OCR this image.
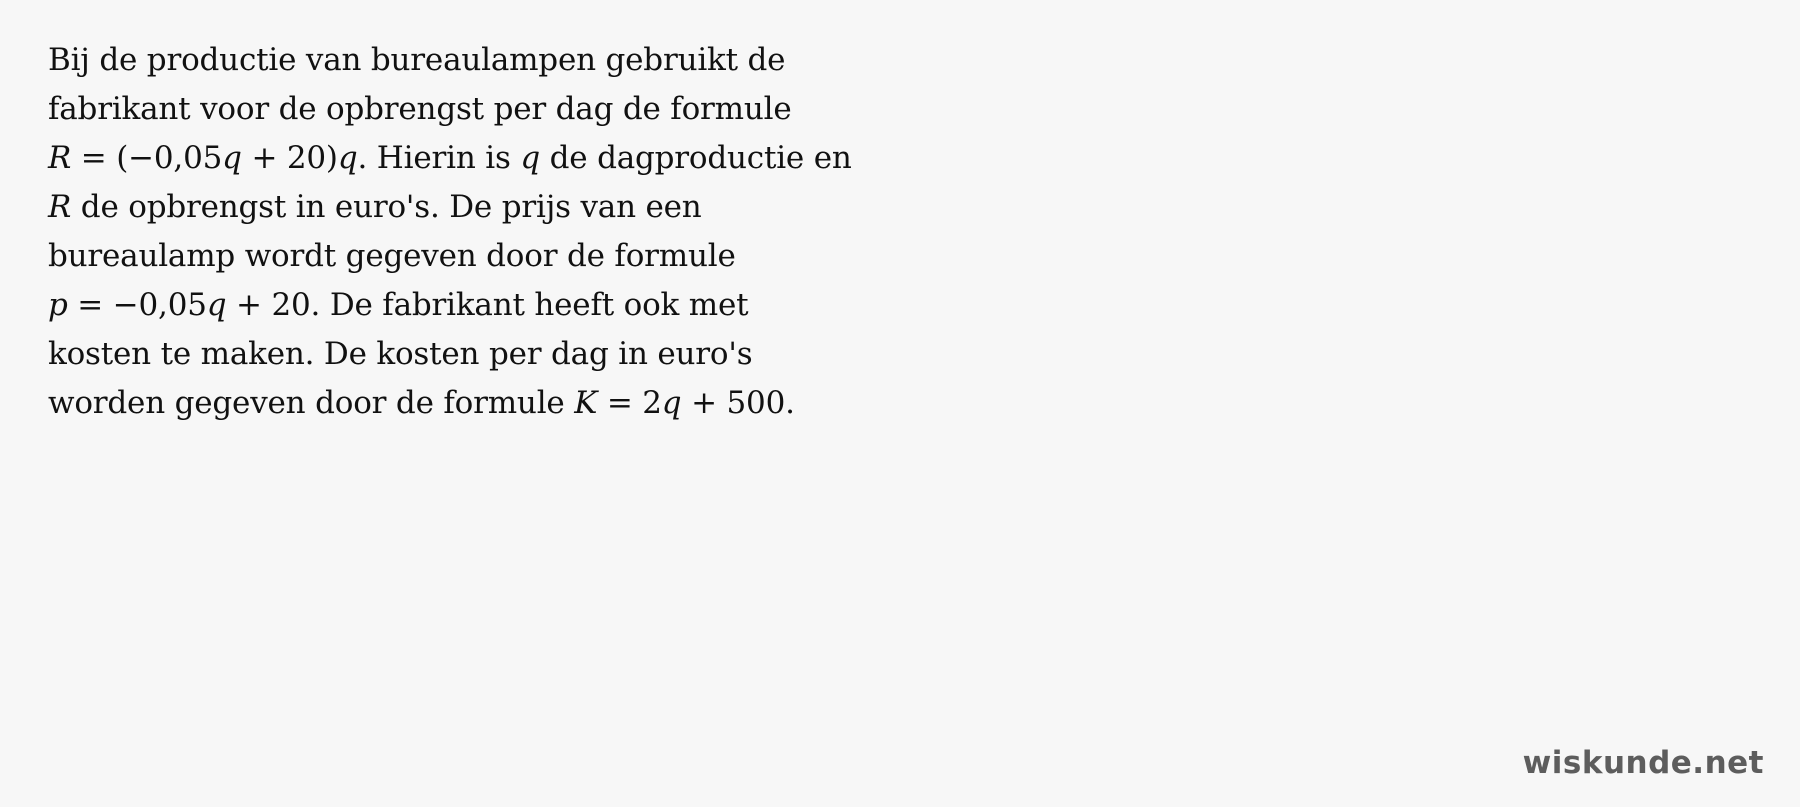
Bij de productie van bureaulampen gebruikt de
fabrikant voor de opbrengst per dag de formule
R = (−0,05q + 20)q. Hierin is q de dagproductie en
R de opbrengst in euro's. De prijs van een
bureaulamp wordt gegeven door de formule
p = −0,05q + 20. De fabrikant heeft ook met
kosten te maken. De kosten per dag in euro's
worden gegeven door de formule K = 2q + 500.
wiskunde.net
